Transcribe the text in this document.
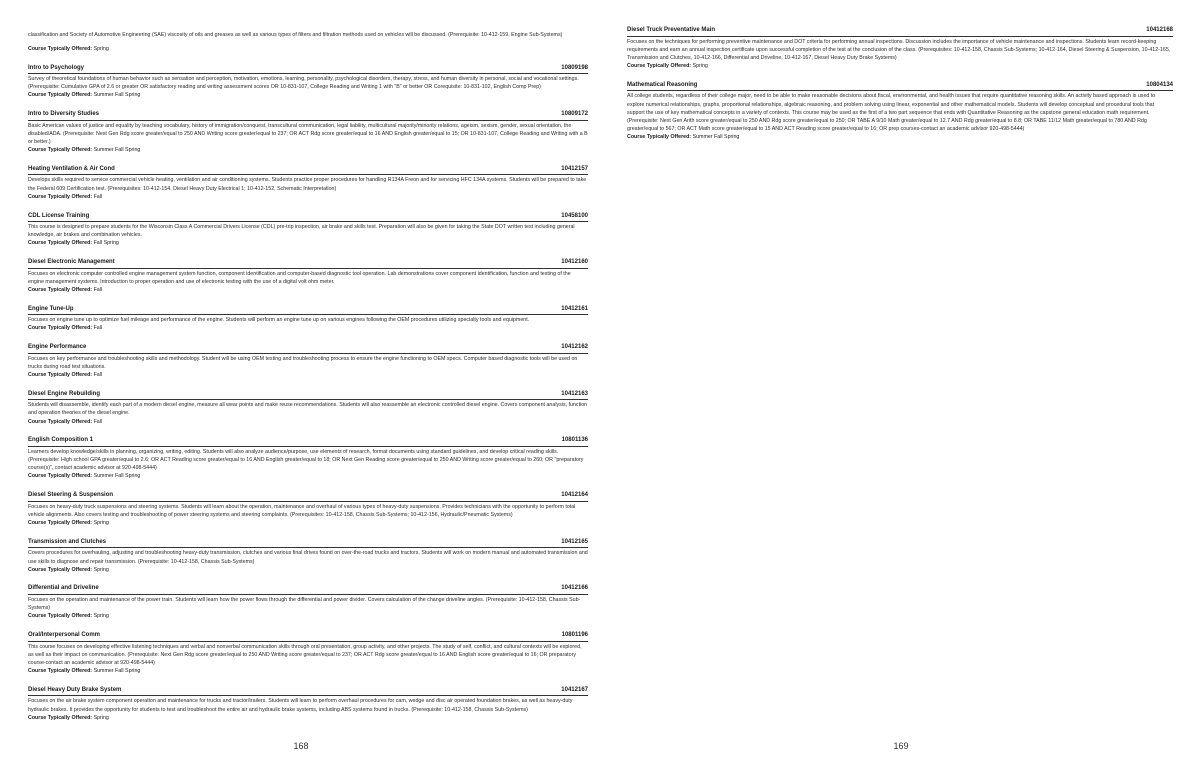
classification and Society of Automotive Engineering (SAE) viscosity of oils and greases as well as various types of filters and filtration methods used on vehicles will be discussed. (Prerequisite: 10-412-159, Engine Sub-Systems)

Course Typically Offered: Spring
Intro to Psychology	10809198

Survey of theoretical foundations of human behavior such as sensation and perception, motivation, emotions, learning, personality, psychological disorders, therapy, stress, and human diversity in personal, social and vocational settings. (Prerequisite: Cumulative GPA of 2.6 or greater OR satisfactory reading and writing assessment scores OR 10-831-107, College Reading and Writing 1 with "B" or better OR Corequisite: 10-831-102, English Comp Prep)

Course Typically Offered: Summer Fall Spring
Intro to Diversity Studies	10809172

Basic American values of justice and equality by teaching vocabulary, history of immigration/conquest, transcultural communication, legal liability, multicultural majority/minority relations, ageism, sexism, gender, sexual orientation, the disabled/ADA. (Prerequisite: Next Gen Rdg score greater/equal to 250 AND Writing score greater/equal to 237; OR ACT Rdg score greater/equal to 16 AND English greater/equal to 15; OR 10-831-107, College Reading and Writing with a B or better.)

Course Typically Offered: Summer Fall Spring
Heating Ventilation & Air Cond	10412157

Develops skills required to service commercial vehicle heating, ventilation and air conditioning systems. Students practice proper procedures for handling R134A Freon and for servicing HFC 134A systems. Students will be prepared to take the Federal 609 Certification test. (Prerequisites: 10-412-154, Diesel Heavy Duty Electrical 1; 10-412-152, Schematic Interpretation)

Course Typically Offered: Fall
CDL License Training	10458100

This course is designed to prepare students for the Wisconsin Class A Commercial Drivers License (CDL) pre-trip inspection, air brake and skills test. Preparation will also be given for taking the State DOT written test including general knowledge, air brakes and combination vehicles.

Course Typically Offered: Fall Spring
Diesel Electronic Management	10412160

Focuses on electronic computer controlled engine management system function, component identification and computer-based diagnostic tool operation. Lab demonstrations cover component identification, function and testing of the engine management systems. Introduction to proper operation and use of electronic testing with the use of a digital volt ohm meter.

Course Typically Offered: Fall
Engine Tune-Up	10412161

Focuses on engine tune up to optimize fuel mileage and performance of the engine. Students will perform an engine tune up on various engines following the OEM procedures utilizing specialty tools and equipment.

Course Typically Offered: Fall
Engine Performance	10412162

Focuses on key performance and troubleshooting skills and methodology. Student will be using OEM testing and troubleshooting process to ensure the engine functioning to OEM specs. Computer based diagnostic tools will be used on trucks during road test situations.

Course Typically Offered: Fall
Diesel Engine Rebuilding	10412163

Students will disassemble, identify each part of a modern diesel engine, measure all wear points and make reuse recommendations. Students will also reassemble an electronic controlled diesel engine. Covers component analysis, function and operation theories of the diesel engine.

Course Typically Offered: Fall
English Composition 1	10801136

Learners develop knowledge/skills in planning, organizing, writing, editing. Students will also analyze audience/purpose, use elements of research, format documents using standard guidelines, and develop critical reading skills. (Prerequisite: High school GPA greater/equal to 2.6; OR ACT Reading score greater/equal to 16 AND English greater/equal to 18; OR Next Gen Reading score greater/equal to 250 AND Writing score greater/equal to 260; OR "preparatory course(s)", contact academic advisor at 920-498-5444)

Course Typically Offered: Summer Fall Spring
Diesel Steering & Suspension	10412164

Focuses on heavy-duty truck suspensions and steering systems. Students will learn about the operation, maintenance and overhaul of various types of heavy-duty suspensions. Provides technicians with the opportunity to perform total vehicle alignments. Also covers testing and troubleshooting of power steering systems and steering complaints. (Prerequisites: 10-412-158, Chassis Sub-Systems; 10-412-156, Hydraulic/Pneumatic Systems)

Course Typically Offered: Spring
Transmission and Clutches	10412165

Covers procedures for overhauling, adjusting and troubleshooting heavy-duty transmission, clutches and various final drives found on over-the-road trucks and tractors. Students will work on modern manual and automated transmission and use skills to diagnose and repair transmission. (Prerequisite: 10-412-158, Chassis Sub-Systems)

Course Typically Offered: Spring
Differential and Driveline	10412166

Focuses on the operation and maintenance of the power train. Students will learn how the power flows through the differential and power divider. Covers calculation of the change driveline angles. (Prerequisite: 10-412-158, Chassis Sub-Systems)

Course Typically Offered: Spring
Oral/Interpersonal Comm	10801196

This course focuses on developing effective listening techniques and verbal and nonverbal communication skills through oral presentation, group activity, and other projects. The study of self, conflict, and cultural contexts will be explored, as well as their impact on communication. (Prerequisite: Next Gen Rdg score greater/equal to 250 AND Writing score greater/equal to 237; OR ACT Rdg score greater/equal to 16 AND English score greater/equal to 16; OR preparatory course-contact an academic advisor at 920-498-5444)

Course Typically Offered: Summer Fall Spring
Diesel Heavy Duty Brake System	10412167

Focuses on the air brake system component operation and maintenance for trucks and tractor/trailers. Students will learn to perform overhaul procedures for cam, wedge and disc air operated foundation brakes, as well as heavy-duty hydraulic brakes. It provides the opportunity for students to test and troubleshoot the entire air and hydraulic brake systems, including ABS systems found in trucks. (Prerequisite: 10-412-158, Chassis Sub-Systems)

Course Typically Offered: Spring
168
Diesel Truck Preventative Main	10412168

Focuses on the techniques for performing preventive maintenance and DOT criteria for performing annual inspections. Discussion includes the importance of vehicle maintenance and inspections. Students learn record-keeping requirements and earn an annual inspection certificate upon successful completion of the test at the conclusion of the class. (Prerequisites: 10-412-158, Chassis Sub-Systems; 10-412-164, Diesel Steering & Suspension, 10-412-165, Transmission and Clutches, 10-412-166, Differential and Driveline, 10-412-167, Diesel Heavy Duty Brake Systems)

Course Typically Offered: Spring
Mathematical Reasoning	10804134

All college students, regardless of their college major, need to be able to make reasonable decisions about fiscal, environmental, and health issues that require quantitative reasoning skills. An activity based approach is used to explore numerical relationships, graphs, proportional relationships, algebraic reasoning, and problem solving using linear, exponential and other mathematical models. Students will develop conceptual and procedural tools that support the use of key mathematical concepts in a variety of contexts. This course may be used as the first of a two part sequence that ends with Quantitative Reasoning as the capstone general education math requirement. (Prerequisite: Next Gen Arith score greater/equal to 250 AND Rdg score greater/equal to 250; OR TABE A 9/10 Math greater/equal to 12.7 AND Rdg greater/equal to 8.8; OR TABE 11/12 Math greater/equal to 780 AND Rdg greater/equal to 567; OR ACT Math score greater/equal to 15 AND ACT Reading score greater/equal to 16; OR prep courses-contact an academic advisor 920-498-5444)

Course Typically Offered: Summer Fall Spring
169
